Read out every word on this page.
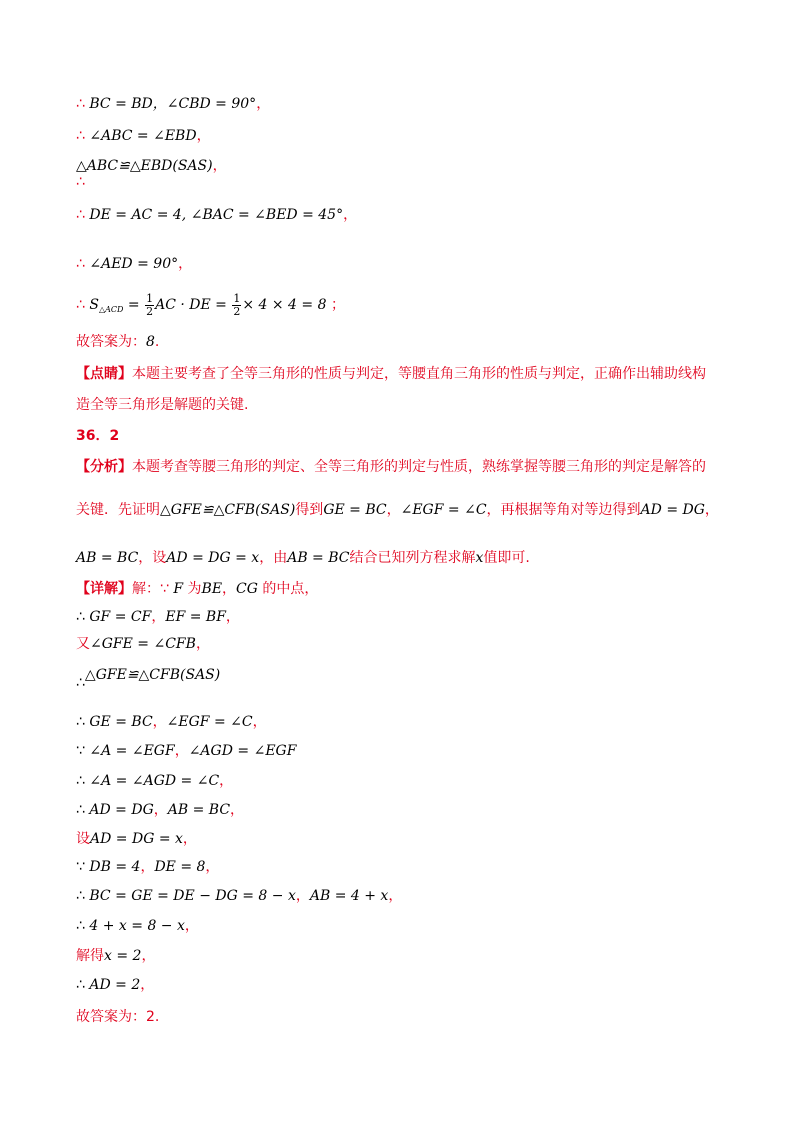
∴ BC = BD，∠CBD = 90°，
∴ ∠ABC = ∠EBD，
△ABC≌△EBD(SAS)，
∴
∴ DE = AC = 4, ∠BAC = ∠BED = 45°，
∴ ∠AED = 90°，
∴ $S_{\triangle ACD} = \frac{1}{2}$ AC · DE = $\frac{1}{2} \times 4 \times 4 = 8$ ；
故答案为：8.
【点睛】本题主要考查了全等三角形的性质与判定，等腰直角三角形的性质与判定，正确作出辅助线构
造全等三角形是解题的关键.
36．2
【分析】本题考查等腰三角形的判定、全等三角形的判定与性质，熟练掌握等腰三角形的判定是解答的
关键．先证明△GFE≌△CFB(SAS)得到GE = BC，∠EGF = ∠C，再根据等角对等边得到AD = DG，
AB = BC，设AD = DG = x，由AB = BC结合已知列方程求解x值即可.
【详解】解：∵ F 为BE，CG 的中点，
∴ GF = CF，EF = BF，
又∠GFE = ∠CFB，
∴△GFE≌△CFB(SAS)
∴ GE = BC，∠EGF = ∠C，
∵ ∠A = ∠EGF，∠AGD = ∠EGF
∴ ∠A = ∠AGD = ∠C，
∴ AD = DG，AB = BC，
设AD = DG = x，
∵ DB = 4，DE = 8，
∴ BC = GE = DE − DG = 8 − x，AB = 4 + x，
∴ 4 + x = 8 − x，
解得x = 2，
∴ AD = 2，
故答案为：2.
